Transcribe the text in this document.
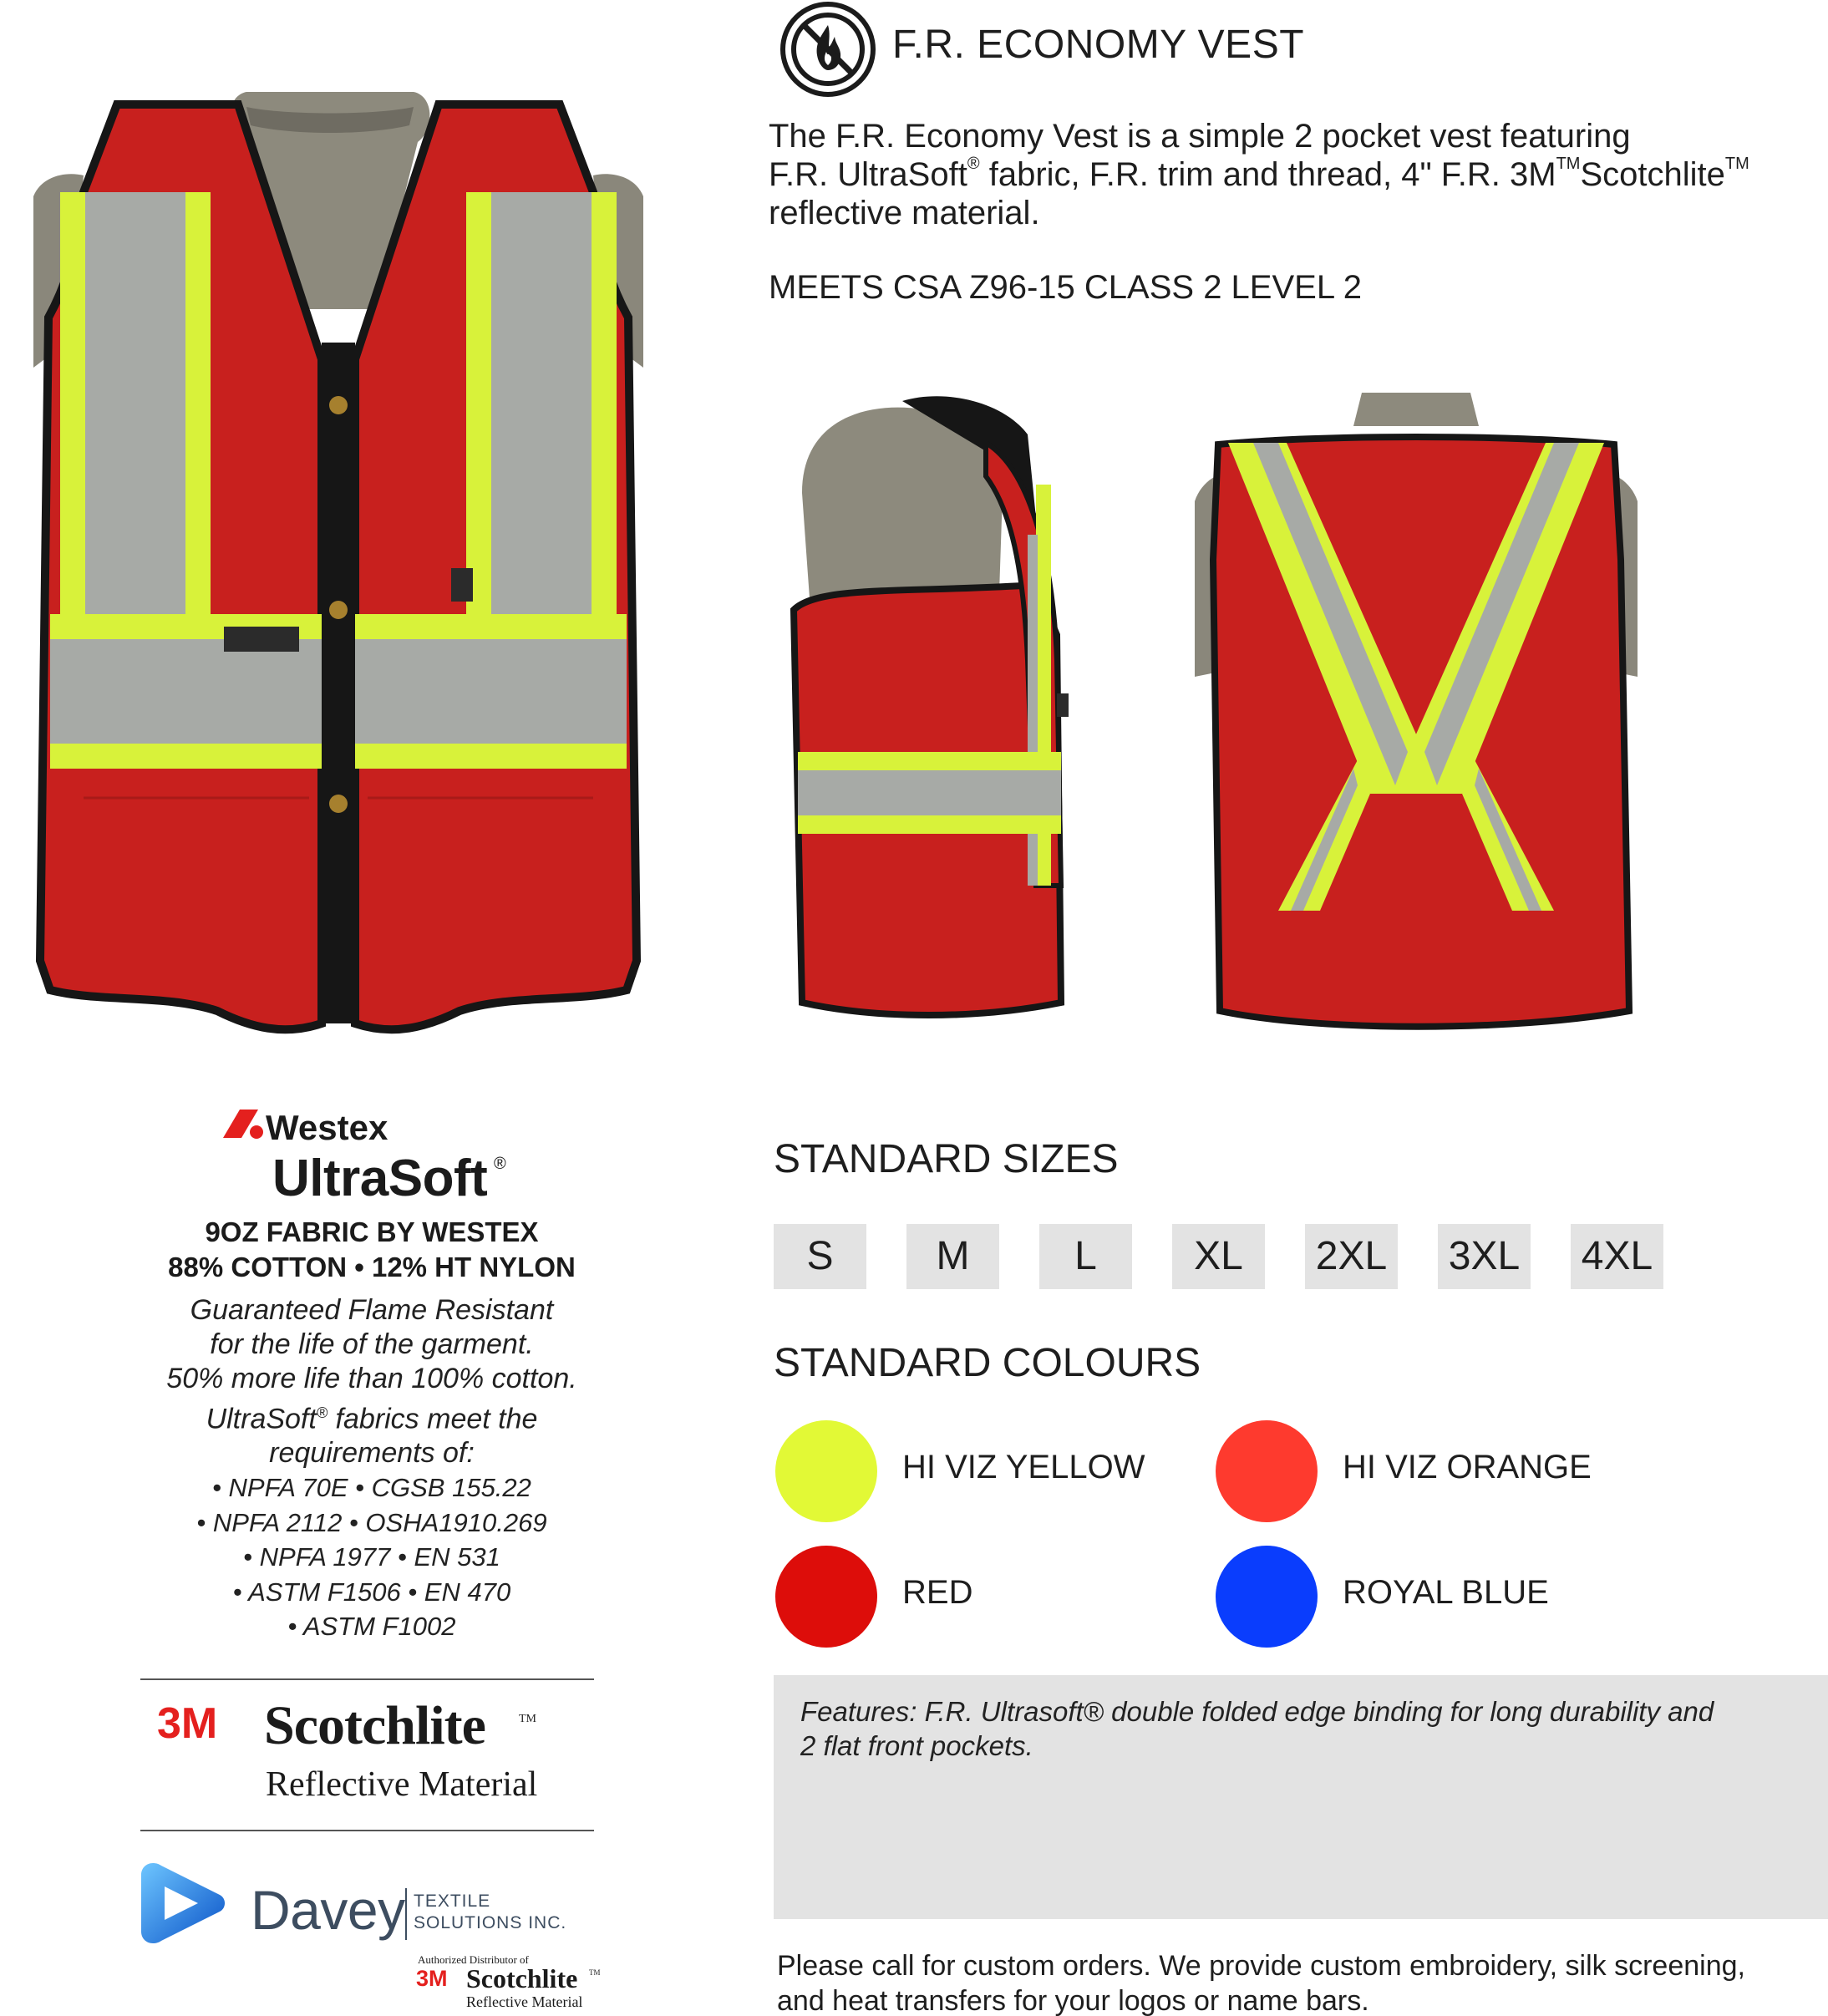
F.R. ECONOMY VEST
The F.R. Economy Vest is a simple 2 pocket vest featuring
F.R. UltraSoft® fabric, F.R. trim and thread, 4" F.R. 3M™Scotchlite™
reflective material.
MEETS CSA Z96-15 CLASS 2 LEVEL 2
Westex
UltraSoft ®
9OZ FABRIC BY WESTEX
88% COTTON • 12% HT NYLON
Guaranteed Flame Resistant
for the life of the garment.
50% more life than 100% cotton.
UltraSoft® fabrics meet the
requirements of:
• NPFA 70E • CGSB 155.22
• NPFA 2112 • OSHA1910.269
• NPFA 1977 • EN 531
• ASTM F1506 • EN 470
• ASTM F1002
3M Scotchlite	TM
Reflective Material
Davey TEXTILE
SOLUTIONS INC.
Authorized Distributor of
3M Scotchlite TM
Reflective Material
STANDARD SIZES
S	M	L	XL	2XL 3XL 4XL
STANDARD COLOURS
HI VIZ YELLOW	HI VIZ ORANGE
RED	ROYAL BLUE
Features: F.R. Ultrasoft® double folded edge binding for long durability and
2 flat front pockets.
Please call for custom orders. We provide custom embroidery, silk screening,
and heat transfers for your logos or name bars.
